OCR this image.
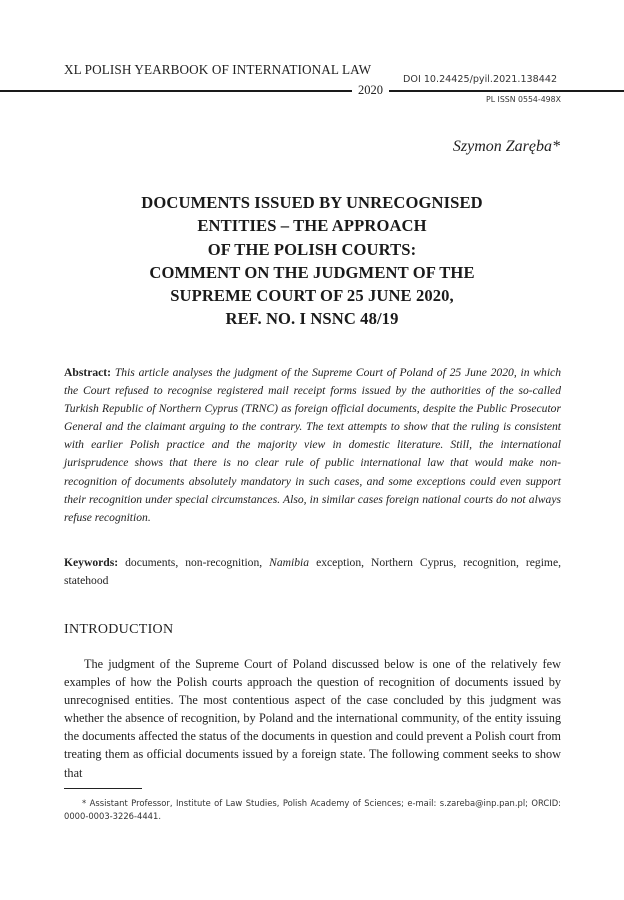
XL POLISH YEARBOOK OF INTERNATIONAL LAW
2020
DOI 10.24425/pyil.2021.138442
PL ISSN 0554-498X
Szymon Zaręba*
DOCUMENTS ISSUED BY UNRECOGNISED
ENTITIES – THE APPROACH
OF THE POLISH COURTS:
COMMENT ON THE JUDGMENT OF THE
SUPREME COURT OF 25 JUNE 2020,
REF. NO. I NSNC 48/19
Abstract: This article analyses the judgment of the Supreme Court of Poland of 25 June 2020, in which the Court refused to recognise registered mail receipt forms issued by the authorities of the so-called Turkish Republic of Northern Cyprus (TRNC) as foreign official documents, despite the Public Prosecutor General and the claimant arguing to the contrary. The text attempts to show that the ruling is consistent with earlier Polish practice and the majority view in domestic literature. Still, the international jurisprudence shows that there is no clear rule of public international law that would make non-recognition of documents absolutely mandatory in such cases, and some exceptions could even support their recognition under special circumstances. Also, in similar cases foreign national courts do not always refuse recognition.
Keywords: documents, non-recognition, Namibia exception, Northern Cyprus, recognition, regime, statehood
INTRODUCTION
The judgment of the Supreme Court of Poland discussed below is one of the relatively few examples of how the Polish courts approach the question of recognition of documents issued by unrecognised entities. The most contentious aspect of the case concluded by this judgment was whether the absence of recognition, by Poland and the international community, of the entity issuing the documents affected the status of the documents in question and could prevent a Polish court from treating them as official documents issued by a foreign state. The following comment seeks to show that
* Assistant Professor, Institute of Law Studies, Polish Academy of Sciences; e-mail: s.zareba@inp.pan.pl; ORCID: 0000-0003-3226-4441.
